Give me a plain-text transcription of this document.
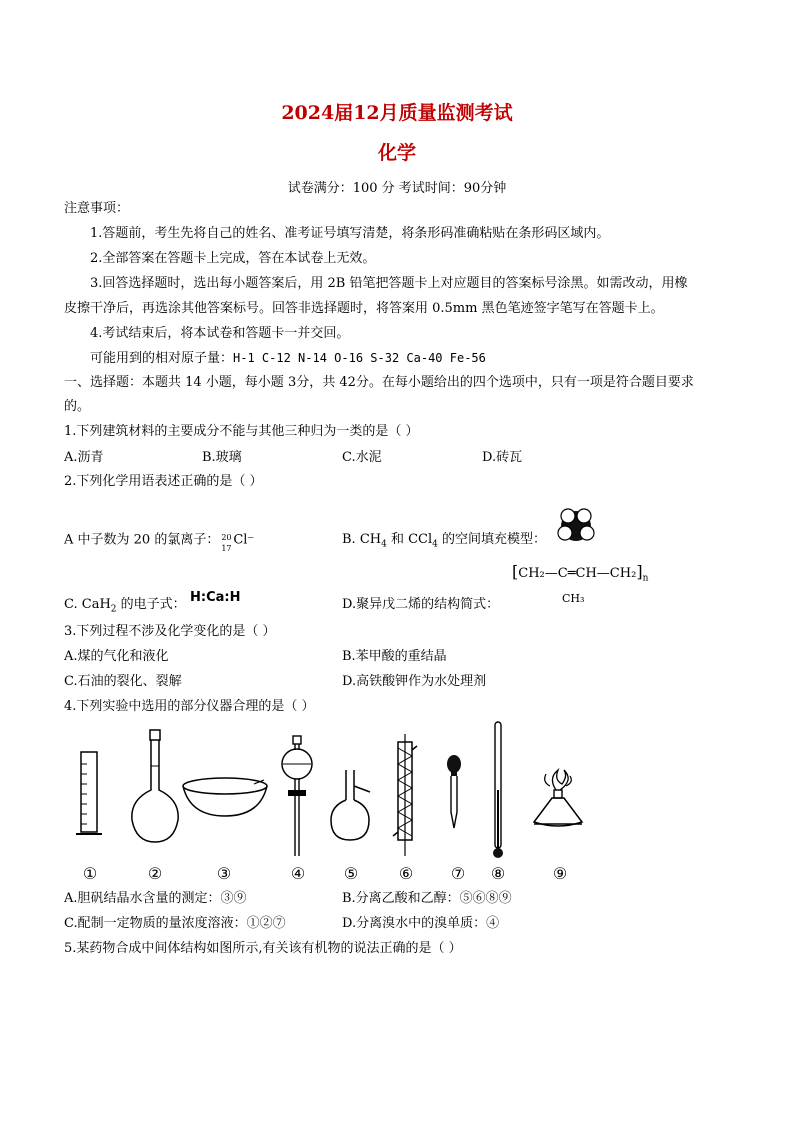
2024届12月质量监测考试
化学
试卷满分：100 分 考试时间：90分钟
注意事项：
1.答题前，考生先将自己的姓名、准考证号填写清楚，将条形码准确粘贴在条形码区域内。
2.全部答案在答题卡上完成，答在本试卷上无效。
3.回答选择题时，选出每小题答案后，用 2B 铅笔把答题卡上对应题目的答案标号涂黑。如需改动，用橡
皮擦干净后，再选涂其他答案标号。回答非选择题时，将答案用 0.5mm 黑色笔迹签字笔写在答题卡上。
4.考试结束后，将本试卷和答题卡一并交回。
可能用到的相对原子量：H-1 C-12 N-14 O-16 S-32 Ca-40 Fe-56
一、选择题：本题共 14 小题，每小题 3分，共 42分。在每小题给出的四个选项中，只有一项是符合题目要求
的。
1.下列建筑材料的主要成分不能与其他三种归为一类的是（ ）
A.沥青	B.玻璃	C.水泥	D.砖瓦
2.下列化学用语表述正确的是（ ）
A 中子数为 20 的氯离子： 20
17
Cl⁻	B. $CH_4$ 和 CCl$_4$ 的空间填充模型：
C. CaH$_2$ 的电子式： H:Ca:H	D.聚异戊二烯的结构简式：
$[CH_2—C═CH—CH_2]_n$
CH₃
3.下列过程不涉及化学变化的是（ ）
A.煤的气化和液化	B.苯甲酸的重结晶
C.石油的裂化、裂解	D.高铁酸钾作为水处理剂
4.下列实验中选用的部分仪器合理的是（ ）
①	②	③	④	⑤	⑥	⑦	⑧	⑨
A.胆矾结晶水含量的测定：③⑨	B.分离乙酸和乙醇：⑤⑥⑧⑨
C.配制一定物质的量浓度溶液：①②⑦	D.分离溴水中的溴单质：④
5.某药物合成中间体结构如图所示,有关该有机物的说法正确的是（ ）
